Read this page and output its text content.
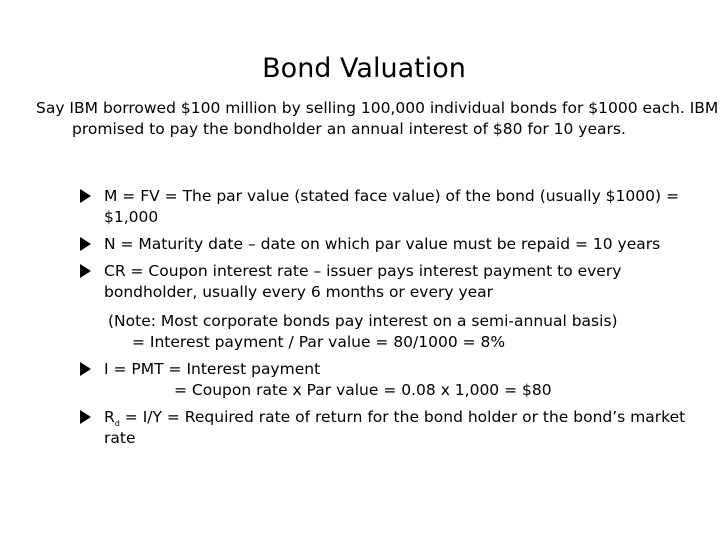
Bond Valuation

Say IBM borrowed $100 million by selling 100,000 individual bonds for $1000 each. IBM promised to pay the bondholder an annual interest of $80 for 10 years.

M = FV = The par value (stated face value) of the bond (usually $1000) = $1,000
N = Maturity date – date on which par value must be repaid = 10 years
CR = Coupon interest rate – issuer pays interest payment to every bondholder, usually every 6 months or every year
(Note: Most corporate bonds pay interest on a semi-annual basis)
= Interest payment / Par value = 80/1000 = 8%
I = PMT = Interest payment
= Coupon rate x Par value = 0.08 x 1,000 = $80
$R_d = I/Y$ = Required rate of return for the bond holder or the bond’s market rate
